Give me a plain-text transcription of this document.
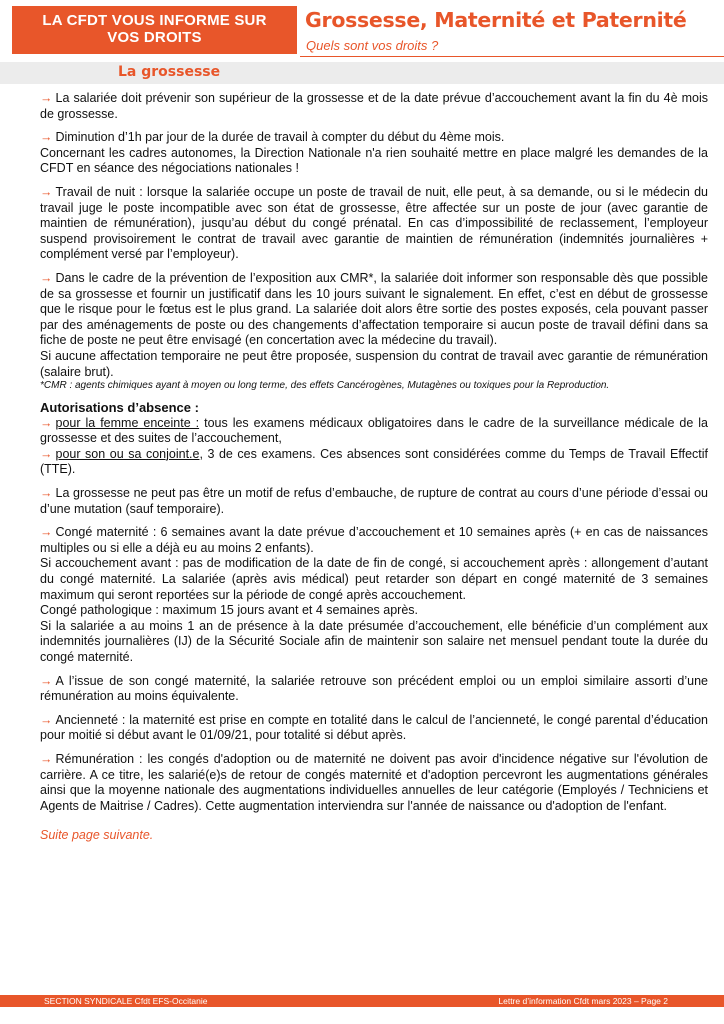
LA CFDT VOUS INFORME SUR
VOS DROITS
Grossesse, Maternité et Paternité
Quels sont vos droits ?
La grossesse

→ La salariée doit prévenir son supérieur de la grossesse et de la date prévue d’accouchement avant la fin du 4è mois de grossesse.

→ Diminution d’1h par jour de la durée de travail à compter du début du 4ème mois.
Concernant les cadres autonomes, la Direction Nationale n'a rien souhaité mettre en place malgré les demandes de la CFDT en séance des négociations nationales !

→ Travail de nuit : lorsque la salariée occupe un poste de travail de nuit, elle peut, à sa demande, ou si le médecin du travail juge le poste incompatible avec son état de grossesse, être affectée sur un poste de jour (avec garantie de maintien de rémunération), jusqu’au début du congé prénatal. En cas d’impossibilité de reclassement, l’employeur suspend provisoirement le contrat de travail avec garantie de maintien de rémunération (indemnités journalières + complément versé par l’employeur).

→ Dans le cadre de la prévention de l’exposition aux CMR*, la salariée doit informer son responsable dès que possible de sa grossesse et fournir un justificatif dans les 10 jours suivant le signalement. En effet, c’est en début de grossesse que le risque pour le fœtus est le plus grand. La salariée doit alors être sortie des postes exposés, cela pouvant passer par des aménagements de poste ou des changements d’affectation temporaire si aucun poste de travail défini dans sa fiche de poste ne peut être envisagé (en concertation avec la médecine du travail).
Si aucune affectation temporaire ne peut être proposée, suspension du contrat de travail avec garantie de rémunération (salaire brut).
*CMR : agents chimiques ayant à moyen ou long terme, des effets Cancérogènes, Mutagènes ou toxiques pour la Reproduction.
Autorisations d’absence :
→ pour la femme enceinte : tous les examens médicaux obligatoires dans le cadre de la surveillance médicale de la grossesse et des suites de l’accouchement,
→ pour son ou sa conjoint.e, 3 de ces examens. Ces absences sont considérées comme du Temps de Travail Effectif (TTE).

→ La grossesse ne peut pas être un motif de refus d’embauche, de rupture de contrat au cours d’une période d’essai ou d’une mutation (sauf temporaire).

→ Congé maternité : 6 semaines avant la date prévue d’accouchement et 10 semaines après (+ en cas de naissances multiples ou si elle a déjà eu au moins 2 enfants).
Si accouchement avant : pas de modification de la date de fin de congé, si accouchement après : allongement d’autant du congé maternité. La salariée (après avis médical) peut retarder son départ en congé maternité de 3 semaines maximum qui seront reportées sur la période de congé après accouchement.
Congé pathologique : maximum 15 jours avant et 4 semaines après.
Si la salariée a au moins 1 an de présence à la date présumée d’accouchement, elle bénéficie d’un complément aux indemnités journalières (IJ) de la Sécurité Sociale afin de maintenir son salaire net mensuel pendant toute la durée du congé maternité.

→ A l’issue de son congé maternité, la salariée retrouve son précédent emploi ou un emploi similaire assorti d’une rémunération au moins équivalente.

→ Ancienneté : la maternité est prise en compte en totalité dans le calcul de l’ancienneté, le congé parental d’éducation pour moitié si début avant le 01/09/21, pour totalité si début après.

→ Rémunération : les congés d'adoption ou de maternité ne doivent pas avoir d'incidence négative sur l'évolution de carrière. A ce titre, les salarié(e)s de retour de congés maternité et d'adoption percevront les augmentations générales ainsi que la moyenne nationale des augmentations individuelles annuelles de leur catégorie (Employés / Techniciens et Agents de Maitrise / Cadres). Cette augmentation interviendra sur l'année de naissance ou d'adoption de l'enfant.

Suite page suivante.
SECTION SYNDICALE Cfdt EFS-Occitanie	Lettre d’information Cfdt mars 2023 – Page 2
